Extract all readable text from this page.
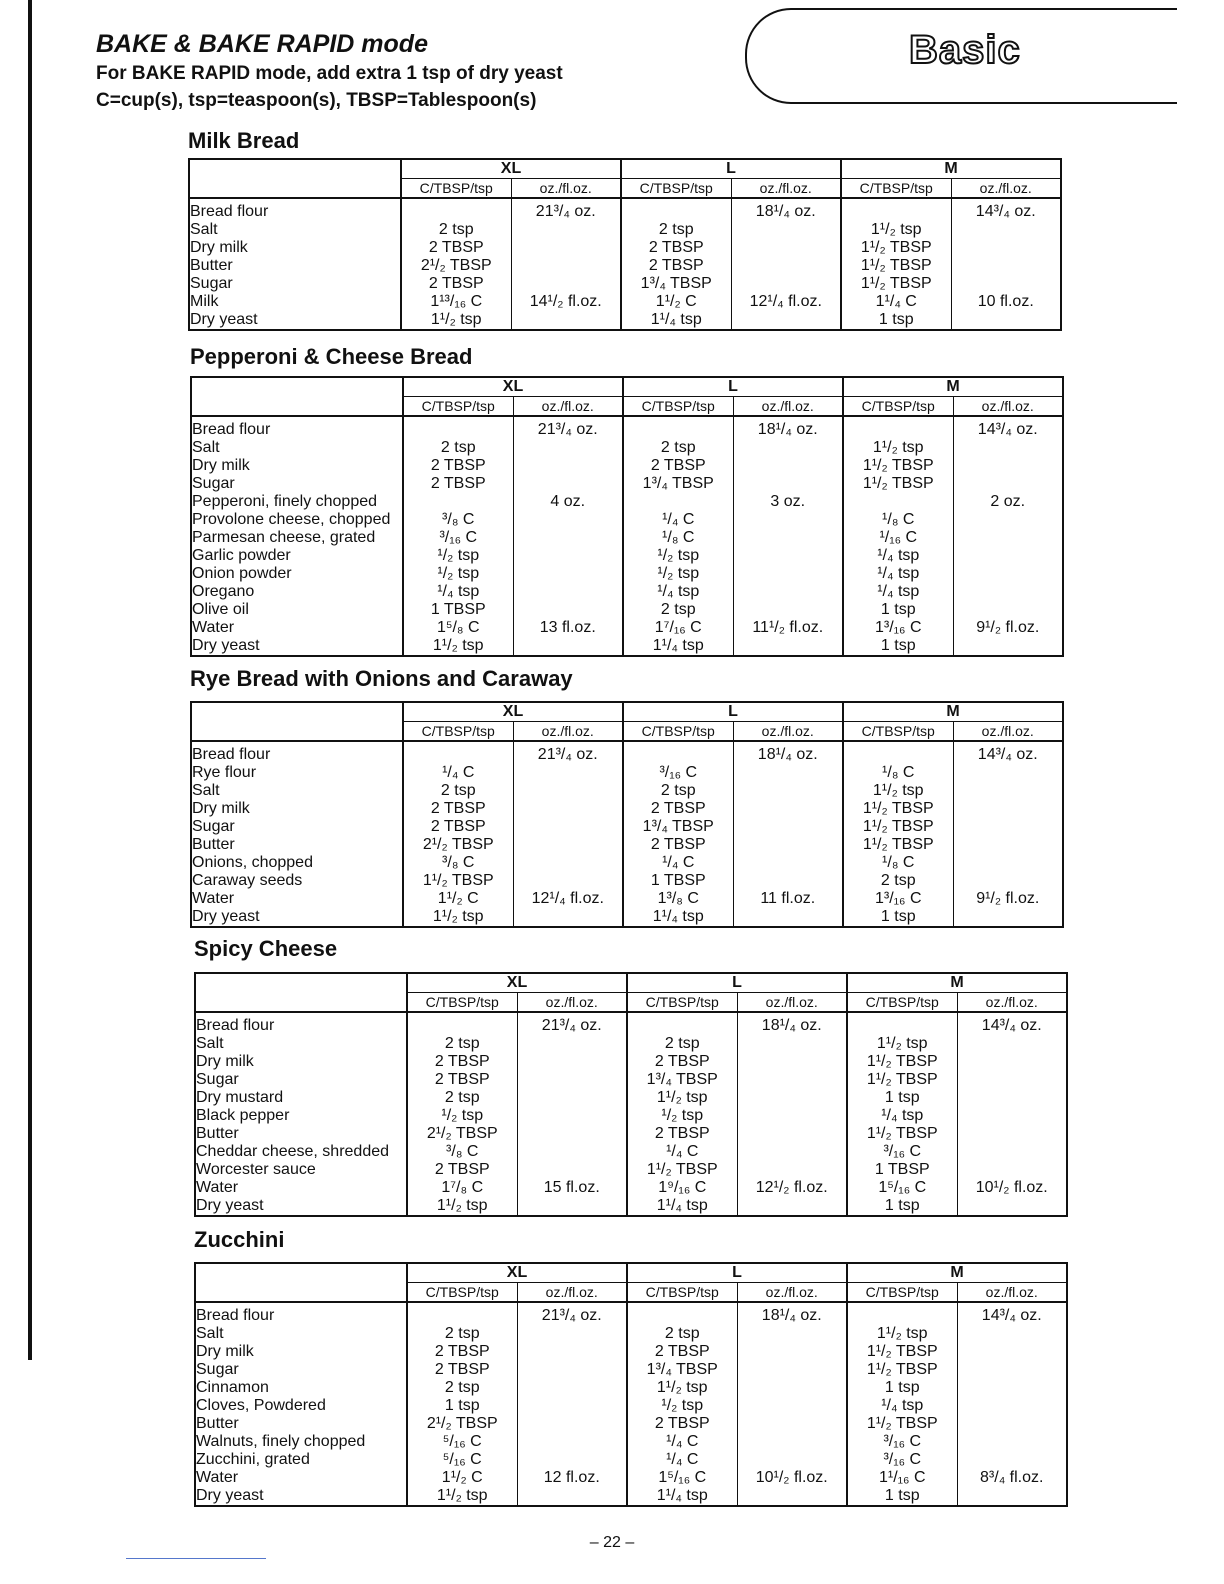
BAKE & BAKE RAPID mode

For BAKE RAPID mode, add extra 1 tsp of dry yeast

C=cup(s), tsp=teaspoon(s), TBSP=Tablespoon(s)

Basic
Milk Bread
	XL		L		M	
	C/TBSP/tsp	oz./fl.oz.	C/TBSP/tsp	oz./fl.oz.	C/TBSP/tsp	oz./fl.oz.
Bread flour		21³/₄ oz.		18¹/₄ oz.		14³/₄ oz.
Salt	2 tsp		2 tsp		1¹/₂ tsp	
Dry milk	2 TBSP		2 TBSP		1¹/₂ TBSP	
Butter	2¹/₂ TBSP		2 TBSP		1¹/₂ TBSP	
Sugar	2 TBSP		1³/₄ TBSP		1¹/₂ TBSP	
Milk	1¹³/₁₆ C	14¹/₂ fl.oz.	1¹/₂ C	12¹/₄ fl.oz.	1¹/₄ C	10 fl.oz.
Dry yeast	1¹/₂ tsp		1¹/₄ tsp		1 tsp	
Pepperoni & Cheese Bread
	XL		L		M	
	C/TBSP/tsp	oz./fl.oz.	C/TBSP/tsp	oz./fl.oz.	C/TBSP/tsp	oz./fl.oz.
Bread flour		21³/₄ oz.		18¹/₄ oz.		14³/₄ oz.
Salt	2 tsp		2 tsp		1¹/₂ tsp	
Dry milk	2 TBSP		2 TBSP		1¹/₂ TBSP	
Sugar	2 TBSP		1³/₄ TBSP		1¹/₂ TBSP	
Pepperoni, finely chopped		4 oz.		3 oz.		2 oz.
Provolone cheese, chopped	³/₈ C		¹/₄ C		¹/₈ C	
Parmesan cheese, grated	³/₁₆ C		¹/₈ C		¹/₁₆ C	
Garlic powder	¹/₂ tsp		¹/₂ tsp		¹/₄ tsp	
Onion powder	¹/₂ tsp		¹/₂ tsp		¹/₄ tsp	
Oregano	¹/₄ tsp		¹/₄ tsp		¹/₄ tsp	
Olive oil	1 TBSP		2 tsp		1 tsp	
Water	1⁵/₈ C	13 fl.oz.	1⁷/₁₆ C	11¹/₂ fl.oz.	1³/₁₆ C	9¹/₂ fl.oz.
Dry yeast	1¹/₂ tsp		1¹/₄ tsp		1 tsp	
Rye Bread with Onions and Caraway
	XL		L		M	
	C/TBSP/tsp	oz./fl.oz.	C/TBSP/tsp	oz./fl.oz.	C/TBSP/tsp	oz./fl.oz.
Bread flour		21³/₄ oz.		18¹/₄ oz.		14³/₄ oz.
Rye flour	¹/₄ C		³/₁₆ C		¹/₈ C	
Salt	2 tsp		2 tsp		1¹/₂ tsp	
Dry milk	2 TBSP		2 TBSP		1¹/₂ TBSP	
Sugar	2 TBSP		1³/₄ TBSP		1¹/₂ TBSP	
Butter	2¹/₂ TBSP		2 TBSP		1¹/₂ TBSP	
Onions, chopped	³/₈ C		¹/₄ C		¹/₈ C	
Caraway seeds	1¹/₂ TBSP		1 TBSP		2 tsp	
Water	1¹/₂ C	12¹/₄ fl.oz.	1³/₈ C	11 fl.oz.	1³/₁₆ C	9¹/₂ fl.oz.
Dry yeast	1¹/₂ tsp		1¹/₄ tsp		1 tsp	
Spicy Cheese
	XL		L		M	
	C/TBSP/tsp	oz./fl.oz.	C/TBSP/tsp	oz./fl.oz.	C/TBSP/tsp	oz./fl.oz.
Bread flour		21³/₄ oz.		18¹/₄ oz.		14³/₄ oz.
Salt	2 tsp		2 tsp		1¹/₂ tsp	
Dry milk	2 TBSP		2 TBSP		1¹/₂ TBSP	
Sugar	2 TBSP		1³/₄ TBSP		1¹/₂ TBSP	
Dry mustard	2 tsp		1¹/₂ tsp		1 tsp	
Black pepper	¹/₂ tsp		¹/₂ tsp		¹/₄ tsp	
Butter	2¹/₂ TBSP		2 TBSP		1¹/₂ TBSP	
Cheddar cheese, shredded	³/₈ C		¹/₄ C		³/₁₆ C	
Worcester sauce	2 TBSP		1¹/₂ TBSP		1 TBSP	
Water	1⁷/₈ C	15 fl.oz.	1⁹/₁₆ C	12¹/₂ fl.oz.	1⁵/₁₆ C	10¹/₂ fl.oz.
Dry yeast	1¹/₂ tsp		1¹/₄ tsp		1 tsp	
Zucchini
	XL		L		M	
	C/TBSP/tsp	oz./fl.oz.	C/TBSP/tsp	oz./fl.oz.	C/TBSP/tsp	oz./fl.oz.
Bread flour		21³/₄ oz.		18¹/₄ oz.		14³/₄ oz.
Salt	2 tsp		2 tsp		1¹/₂ tsp	
Dry milk	2 TBSP		2 TBSP		1¹/₂ TBSP	
Sugar	2 TBSP		1³/₄ TBSP		1¹/₂ TBSP	
Cinnamon	2 tsp		1¹/₂ tsp		1 tsp	
Cloves, Powdered	1 tsp		¹/₂ tsp		¹/₄ tsp	
Butter	2¹/₂ TBSP		2 TBSP		1¹/₂ TBSP	
Walnuts, finely chopped	⁵/₁₆ C		¹/₄ C		³/₁₆ C	
Zucchini, grated	⁵/₁₆ C		¹/₄ C		³/₁₆ C	
Water	1¹/₂ C	12 fl.oz.	1⁵/₁₆ C	10¹/₂ fl.oz.	1¹/₁₆ C	8³/₄ fl.oz.
Dry yeast	1¹/₂ tsp		1¹/₄ tsp		1 tsp	
– 22 –
